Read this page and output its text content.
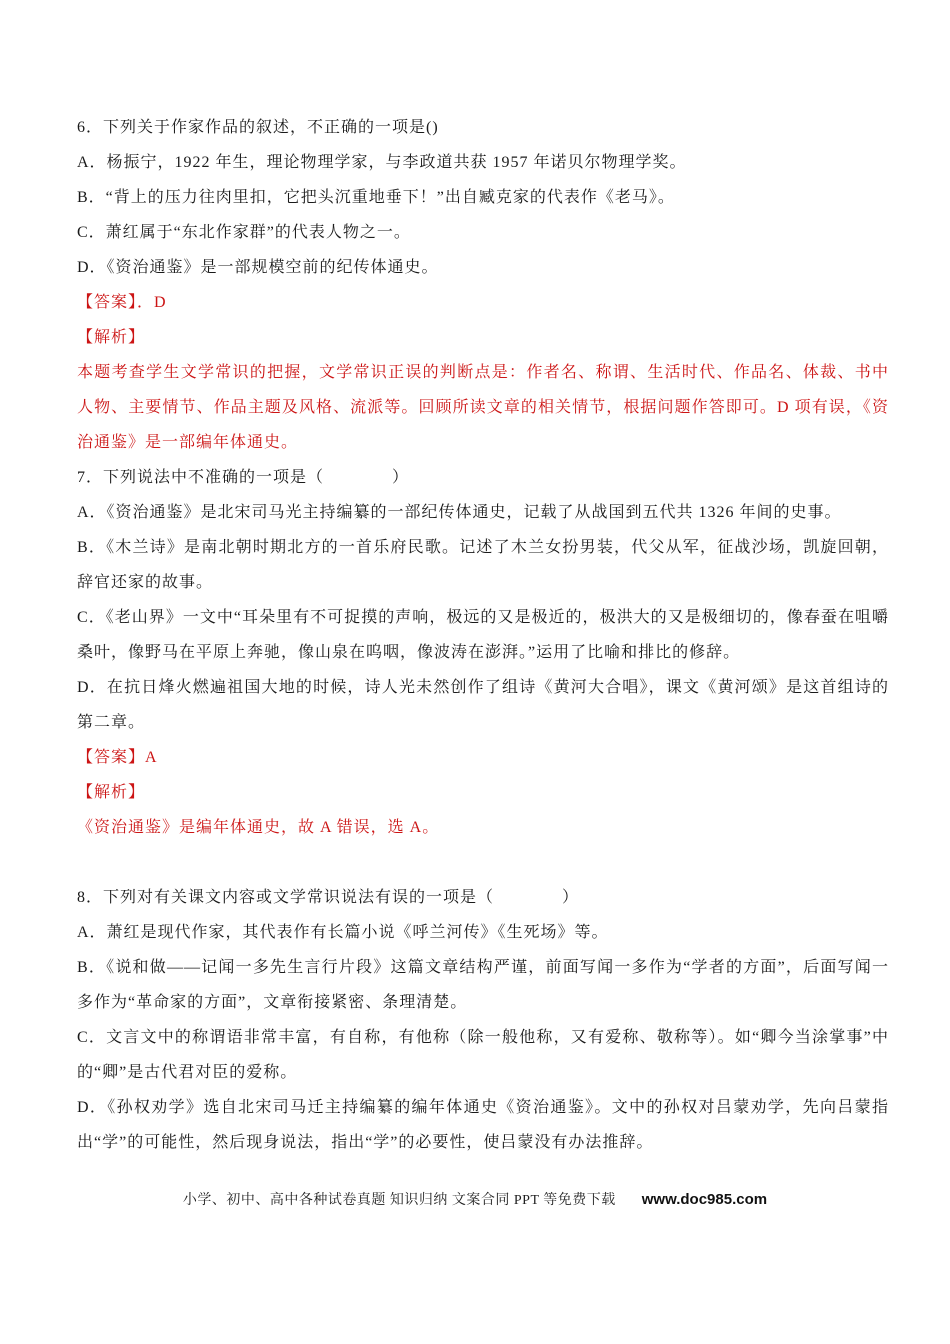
6．下列关于作家作品的叙述，不正确的一项是()

A．杨振宁，1922 年生，理论物理学家，与李政道共获 1957 年诺贝尔物理学奖。

B．“背上的压力往肉里扣，它把头沉重地垂下！”出自臧克家的代表作《老马》。

C．萧红属于“东北作家群”的代表人物之一。

D．《资治通鉴》是一部规模空前的纪传体通史。

【答案】．D

【解析】

本题考查学生文学常识的把握，文学常识正误的判断点是：作者名、称谓、生活时代、作品名、体裁、书中人物、主要情节、作品主题及风格、流派等。回顾所读文章的相关情节，根据问题作答即可。D 项有误，《资治通鉴》是一部编年体通史。

7．下列说法中不准确的一项是（　　　　）

A．《资治通鉴》是北宋司马光主持编纂的一部纪传体通史，记载了从战国到五代共 1326 年间的史事。

B．《木兰诗》是南北朝时期北方的一首乐府民歌。记述了木兰女扮男装，代父从军，征战沙场，凯旋回朝，辞官还家的故事。

C．《老山界》一文中“耳朵里有不可捉摸的声响，极远的又是极近的，极洪大的又是极细切的，像春蚕在咀嚼桑叶，像野马在平原上奔驰，像山泉在呜咽，像波涛在澎湃。”运用了比喻和排比的修辞。

D．在抗日烽火燃遍祖国大地的时候，诗人光未然创作了组诗《黄河大合唱》，课文《黄河颂》是这首组诗的第二章。

【答案】A

【解析】

《资治通鉴》是编年体通史，故 A 错误，选 A。

8．下列对有关课文内容或文学常识说法有误的一项是（　　　　）

A．萧红是现代作家，其代表作有长篇小说《呼兰河传》《生死场》等。

B．《说和做——记闻一多先生言行片段》这篇文章结构严谨，前面写闻一多作为“学者的方面”，后面写闻一多作为“革命家的方面”，文章衔接紧密、条理清楚。

C．文言文中的称谓语非常丰富，有自称，有他称（除一般他称，又有爱称、敬称等）。如“卿今当涂掌事”中的“卿”是古代君对臣的爱称。

D．《孙权劝学》选自北宋司马迁主持编纂的编年体通史《资治通鉴》。文中的孙权对吕蒙劝学，先向吕蒙指出“学”的可能性，然后现身说法，指出“学”的必要性，使吕蒙没有办法推辞。

小学、初中、高中各种试卷真题 知识归纳 文案合同 PPT 等免费下载 www.doc985.com
